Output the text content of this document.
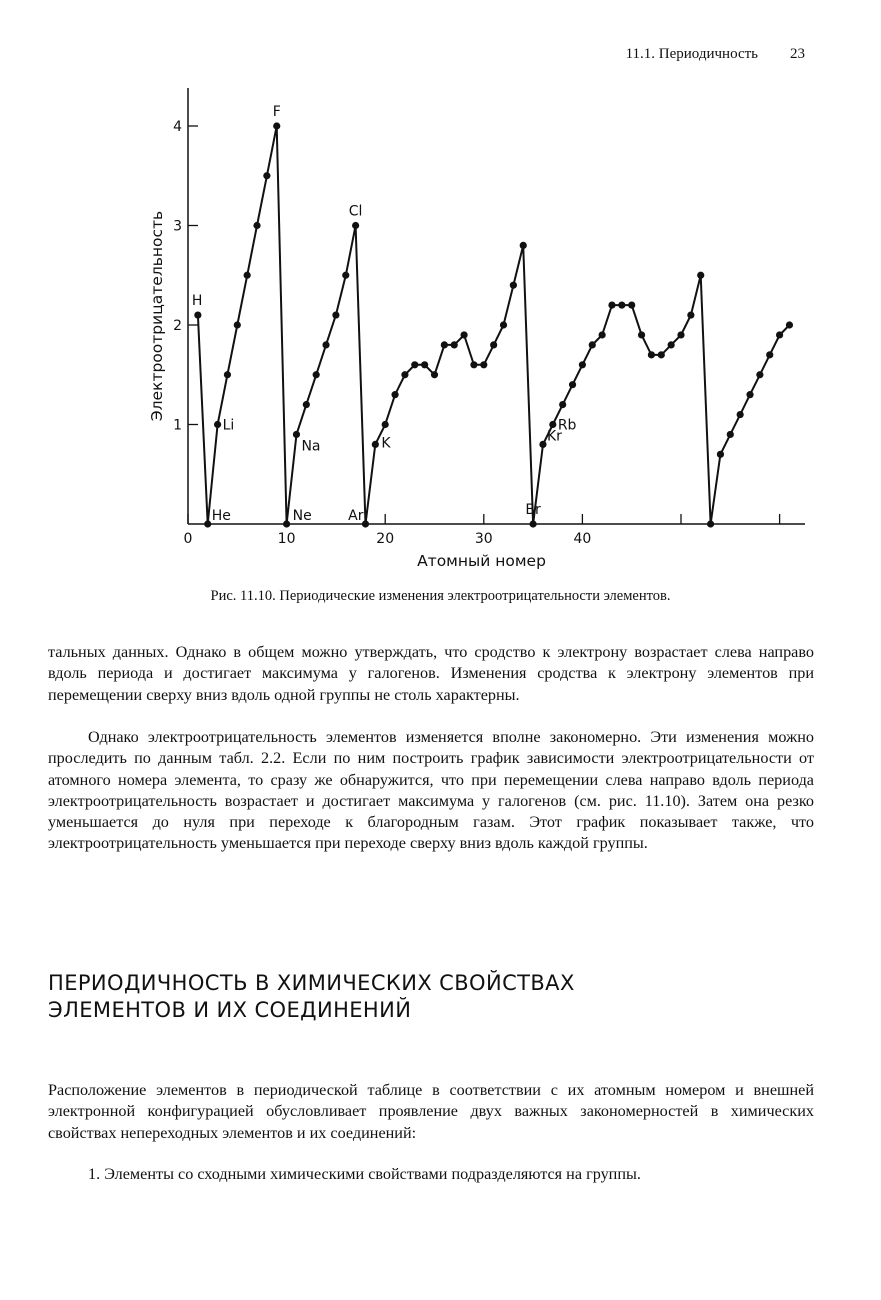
11.1. Периодичность 23
1
2
3
4
0	10	20	30	40
Атомный номер
Электроотрицательность H
He
Li
F
Ne
Na
Cl
Ar
K
Br
Kr
Rb
Рис. 11.10. Периодические изменения электроотрицательности элементов.

тальных данных. Однако в общем можно утверждать, что сродство к электрону возрастает слева направо вдоль периода и достигает максимума у галогенов. Изменения сродства к электрону элементов при перемещении сверху вниз вдоль одной группы не столь характерны.

Однако электроотрицательность элементов изменяется вполне закономерно. Эти изменения можно проследить по данным табл. 2.2. Если по ним построить график зависимости электроотрицательности от атомного номера элемента, то сразу же обнаружится, что при перемещении слева направо вдоль периода электроотрицательность возрастает и достигает максимума у галогенов (см. рис. 11.10). Затем она резко уменьшается до нуля при переходе к благородным газам. Этот график показывает также, что электроотрицательность уменьшается при переходе сверху вниз вдоль каждой группы.

ПЕРИОДИЧНОСТЬ В ХИМИЧЕСКИХ СВОЙСТВАХ
ЭЛЕМЕНТОВ И ИХ СОЕДИНЕНИЙ

Расположение элементов в периодической таблице в соответствии с их атомным номером и внешней электронной конфигурацией обусловливает проявление двух важных закономерностей в химических свойствах непереходных элементов и их соединений:

1. Элементы со сходными химическими свойствами подразделяются на группы.
